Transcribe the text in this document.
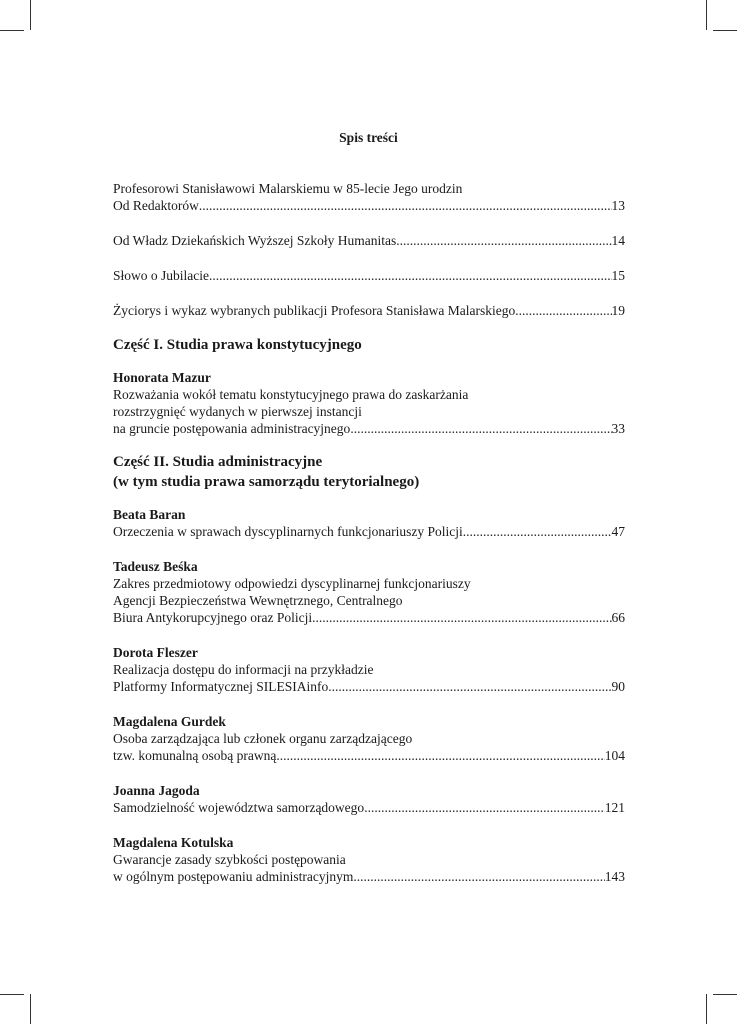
Spis treści
Profesorowi Stanisławowi Malarskiemu w 85-lecie Jego urodzin
Od Redaktorów .....	13
Od Władz Dziekańskich Wyższej Szkoły Humanitas .....	14
Słowo o Jubilacie .....	15
Życiorys i wykaz wybranych publikacji Profesora Stanisława Malarskiego .....	19
Część I. Studia prawa konstytucyjnego
Honorata Mazur
Rozważania wokół tematu konstytucyjnego prawa do zaskarżania
rozstrzygnięć wydanych w pierwszej instancji
na gruncie postępowania administracyjnego .....	33
Część II. Studia administracyjne
(w tym studia prawa samorządu terytorialnego)
Beata Baran
Orzeczenia w sprawach dyscyplinarnych funkcjonariuszy Policji .....	47
Tadeusz Beśka
Zakres przedmiotowy odpowiedzi dyscyplinarnej funkcjonariuszy
Agencji Bezpieczeństwa Wewnętrznego, Centralnego
Biura Antykorupcyjnego oraz Policji .....	66
Dorota Fleszer
Realizacja dostępu do informacji na przykładzie
Platformy Informatycznej SILESIAinfo. .....	90
Magdalena Gurdek
Osoba zarządzająca lub członek organu zarządzającego
tzw. komunalną osobą prawną .....	104
Joanna Jagoda
Samodzielność województwa samorządowego .....	121
Magdalena Kotulska
Gwarancje zasady szybkości postępowania
w ogólnym postępowaniu administracyjnym .....	143
